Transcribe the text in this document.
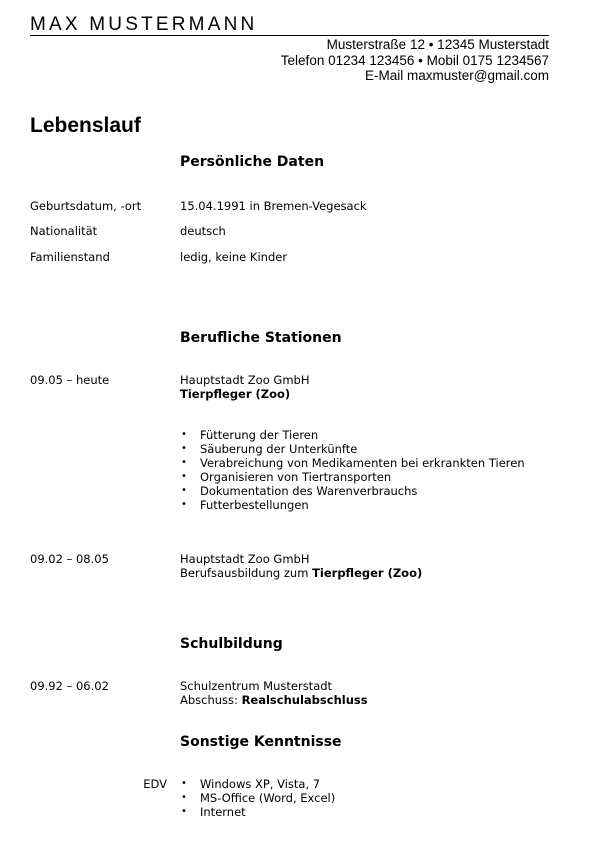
MAX MUSTERMANN
Musterstraße 12 • 12345 Musterstadt
Telefon 01234 123456 • Mobil 0175 1234567
E-Mail maxmuster@gmail.com
Lebenslauf
Persönliche Daten
Geburtsdatum, -ort	15.04.1991 in Bremen-Vegesack
Nationalität	deutsch
Familienstand	ledig, keine Kinder
Berufliche Stationen
09.05 – heute	Hauptstadt Zoo GmbH
Tierpfleger (Zoo)
• Fütterung der Tieren
• Säuberung der Unterkünfte
• Verabreichung von Medikamenten bei erkrankten Tieren
• Organisieren von Tiertransporten
• Dokumentation des Warenverbrauchs
• Futterbestellungen
09.02 – 08.05	Hauptstadt Zoo GmbH
Berufsausbildung zum Tierpfleger (Zoo)
Schulbildung
09.92 – 06.02	Schulzentrum Musterstadt
Abschuss: Realschulabschluss
Sonstige Kenntnisse
EDV
•	Windows XP, Vista, 7
• MS-Office (Word, Excel)
• Internet
